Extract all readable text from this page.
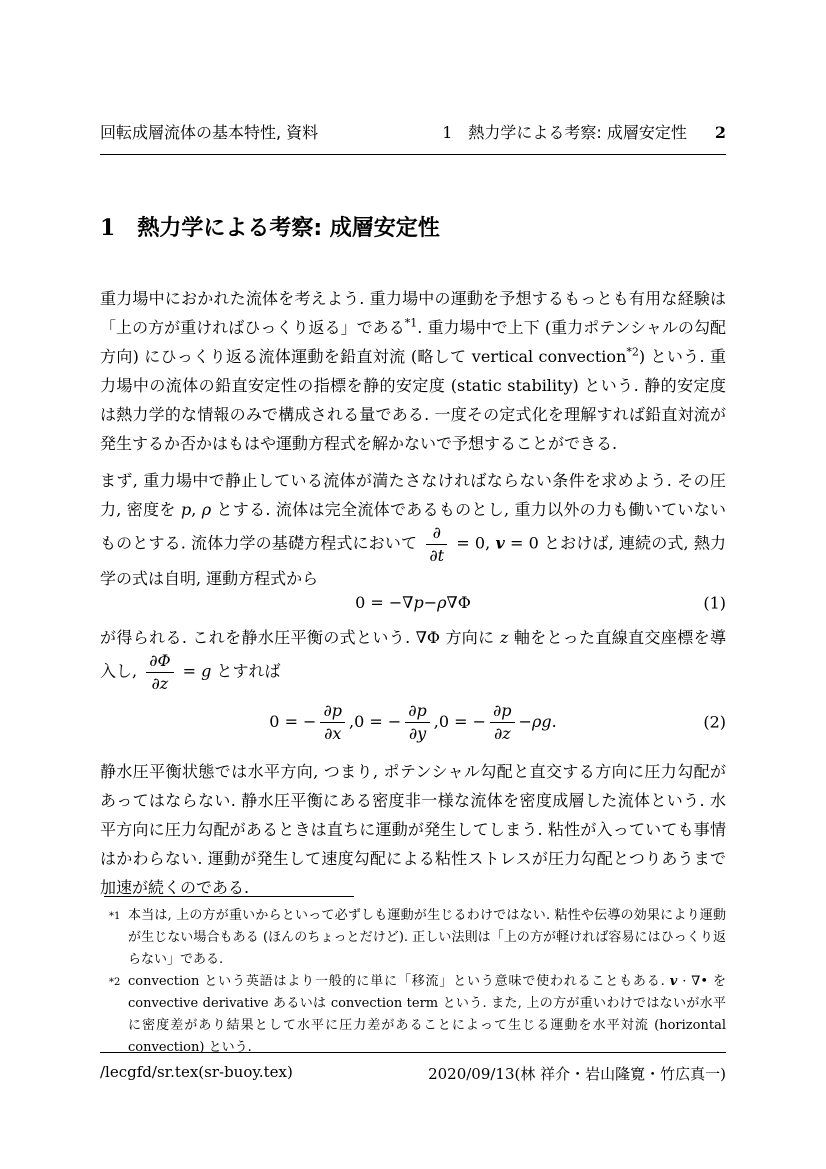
回転成層流体の基本特性, 資料	1 熱力学による考察: 成層安定性 2
1 熱力学による考察: 成層安定性

重力場中におかれた流体を考えよう. 重力場中の運動を予想するもっとも有用な経験は「上の方が重ければひっくり返る」である$^{*1}$. 重力場中で上下 (重力ポテンシャルの勾配方向) にひっくり返る流体運動を鉛直対流 (略して vertical convection$^{*2}$) という. 重力場中の流体の鉛直安定性の指標を静的安定度 (static stability) という. 静的安定度は熱力学的な情報のみで構成される量である. 一度その定式化を理解すれば鉛直対流が発生するか否かはもはや運動方程式を解かないで予想することができる.

まず, 重力場中で静止している流体が満たさなければならない条件を求めよう. その圧力, 密度を p, ρ とする. 流体は完全流体であるものとし, 重力以外の力も働いていないものとする. 流体力学の基礎方程式において $\frac{\partial}{\partial t} = 0$, v = 0 とおけば, 連続の式, 熱力学の式は自明, 運動方程式から

0 = −∇ p − ρ ∇Φ	(1)

が得られる. これを静水圧平衡の式という. ∇Φ 方向に z 軸をとった直線直交座標を導入し, $\frac{\partial\Phi}{\partial z} = g$ とすれば

0 = − $\frac{\partial p}{\partial x}$ , 0 = − $\frac{\partial p}{\partial y}$ , 0 = − $\frac{\partial p}{\partial z} - \rho g$ .	(2)

静水圧平衡状態では水平方向, つまり, ポテンシャル勾配と直交する方向に圧力勾配があってはならない. 静水圧平衡にある密度非一様な流体を密度成層した流体という. 水平方向に圧力勾配があるときは直ちに運動が発生してしまう. 粘性が入っていても事情はかわらない. 運動が発生して速度勾配による粘性ストレスが圧力勾配とつりあうまで加速が続くのである.

*1 本当は, 上の方が重いからといって必ずしも運動が生じるわけではない. 粘性や伝導の効果により運動が生じない場合もある (ほんのちょっとだけど). 正しい法則は「上の方が軽ければ容易にはひっくり返らない」である.
*2 convection という英語はより一般的に単に「移流」という意味で使われることもある. v · ∇• を convective derivative あるいは convection term という. また, 上の方が重いわけではないが水平に密度差があり結果として水平に圧力差があることによって生じる運動を水平対流 (horizontal convection) という.
/lecgfd/sr.tex(sr-buoy.tex)	2020/09/13(林 祥介・岩山隆寛・竹広真一)
